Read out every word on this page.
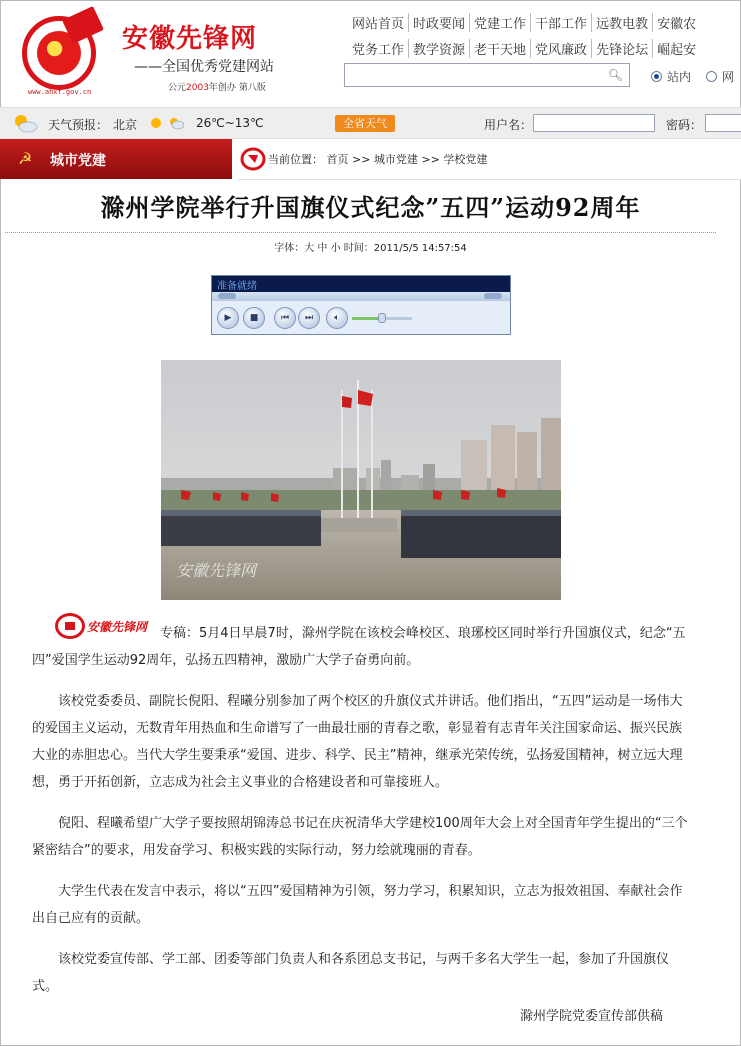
www.ahxf.gov.cn
安徽先锋网
——全国优秀党建网站
公元2003年创办 第八版
网站首页 时政要闻 党建工作 干部工作 远教电教 安徽农
党务工作 教学资源 老干天地 党风廉政 先锋论坛 崛起安
🔍︎	站内	网
天气预报： 北京	26℃~13℃	全省天气	用户名：	密码：
☭ 城市党建	当前位置： 首页 >> 城市党建 >> 学校党建
滁州学院举行升国旗仪式纪念”五四”运动92周年
字体：大 中 小 时间：2011/5/5 14:57:54
准备就绪
▶	■	⏮	⏭	🔈︎
安徽先锋网
安徽先锋网 专稿：5月4日早晨7时，滁州学院在该校会峰校区、琅琊校区同时举行升国旗仪式，纪念“五四”爱国学生运动92周年，弘扬五四精神，激励广大学子奋勇向前。

该校党委委员、副院长倪阳、程曦分别参加了两个校区的升旗仪式并讲话。他们指出，“五四”运动是一场伟大的爱国主义运动，无数青年用热血和生命谱写了一曲最壮丽的青春之歌，彰显着有志青年关注国家命运、振兴民族大业的赤胆忠心。当代大学生要秉承“爱国、进步、科学、民主”精神，继承光荣传统，弘扬爱国精神，树立远大理想，勇于开拓创新，立志成为社会主义事业的合格建设者和可靠接班人。

倪阳、程曦希望广大学子要按照胡锦涛总书记在庆祝清华大学建校100周年大会上对全国青年学生提出的“三个紧密结合”的要求，用发奋学习、积极实践的实际行动，努力绘就瑰丽的青春。

大学生代表在发言中表示，将以“五四”爱国精神为引领，努力学习，积累知识，立志为报效祖国、奉献社会作出自己应有的贡献。

该校党委宣传部、学工部、团委等部门负责人和各系团总支书记，与两千多名大学生一起，参加了升国旗仪式。

滁州学院党委宣传部供稿
